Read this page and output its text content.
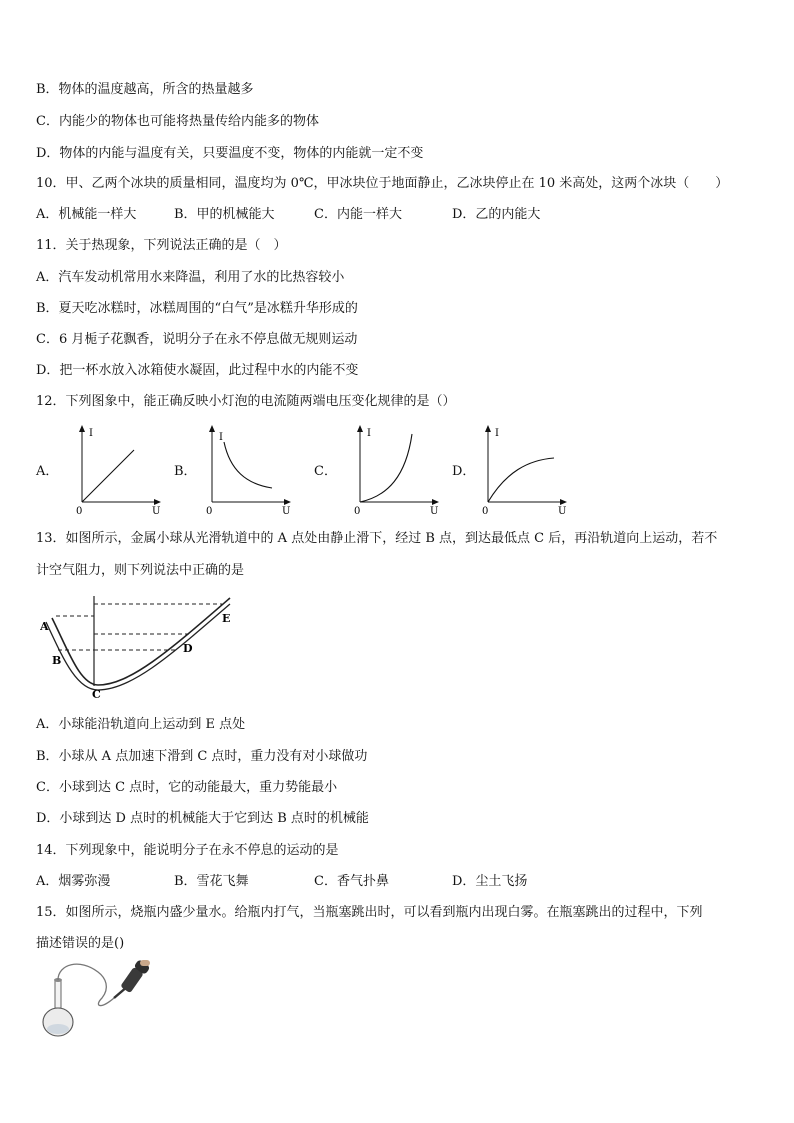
B．物体的温度越高，所含的热量越多
C．内能少的物体也可能将热量传给内能多的物体
D．物体的内能与温度有关，只要温度不变，物体的内能就一定不变
10．甲、乙两个冰块的质量相同，温度均为 0℃，甲冰块位于地面静止，乙冰块停止在 10 米高处，这两个冰块（　　）
A．机械能一样大	B．甲的机械能大	C．内能一样大	D．乙的内能大
11．关于热现象，下列说法正确的是（　）
A．汽车发动机常用水来降温，利用了水的比热容较小
B．夏天吃冰糕时，冰糕周围的“白气”是冰糕升华形成的
C．6 月栀子花飘香，说明分子在永不停息做无规则运动
D．把一杯水放入冰箱使水凝固，此过程中水的内能不变
12．下列图象中，能正确反映小灯泡的电流随两端电压变化规律的是（）
A．
I
U
0
B．
I
U
0
C．
I
U
0
D．
I
U
0
13．如图所示，金属小球从光滑轨道中的 A 点处由静止滑下，经过 B 点，到达最低点 C 后，再沿轨道向上运动，若不
计空气阻力，则下列说法中正确的是
A
B
C
D
E
A．小球能沿轨道向上运动到 E 点处
B．小球从 A 点加速下滑到 C 点时，重力没有对小球做功
C．小球到达 C 点时，它的动能最大，重力势能最小
D．小球到达 D 点时的机械能大于它到达 B 点时的机械能
14．下列现象中，能说明分子在永不停息的运动的是
A．烟雾弥漫	B．雪花飞舞	C．香气扑鼻	D．尘土飞扬
15．如图所示，烧瓶内盛少量水。给瓶内打气，当瓶塞跳出时，可以看到瓶内出现白雾。在瓶塞跳出的过程中，下列
描述错误的是()
